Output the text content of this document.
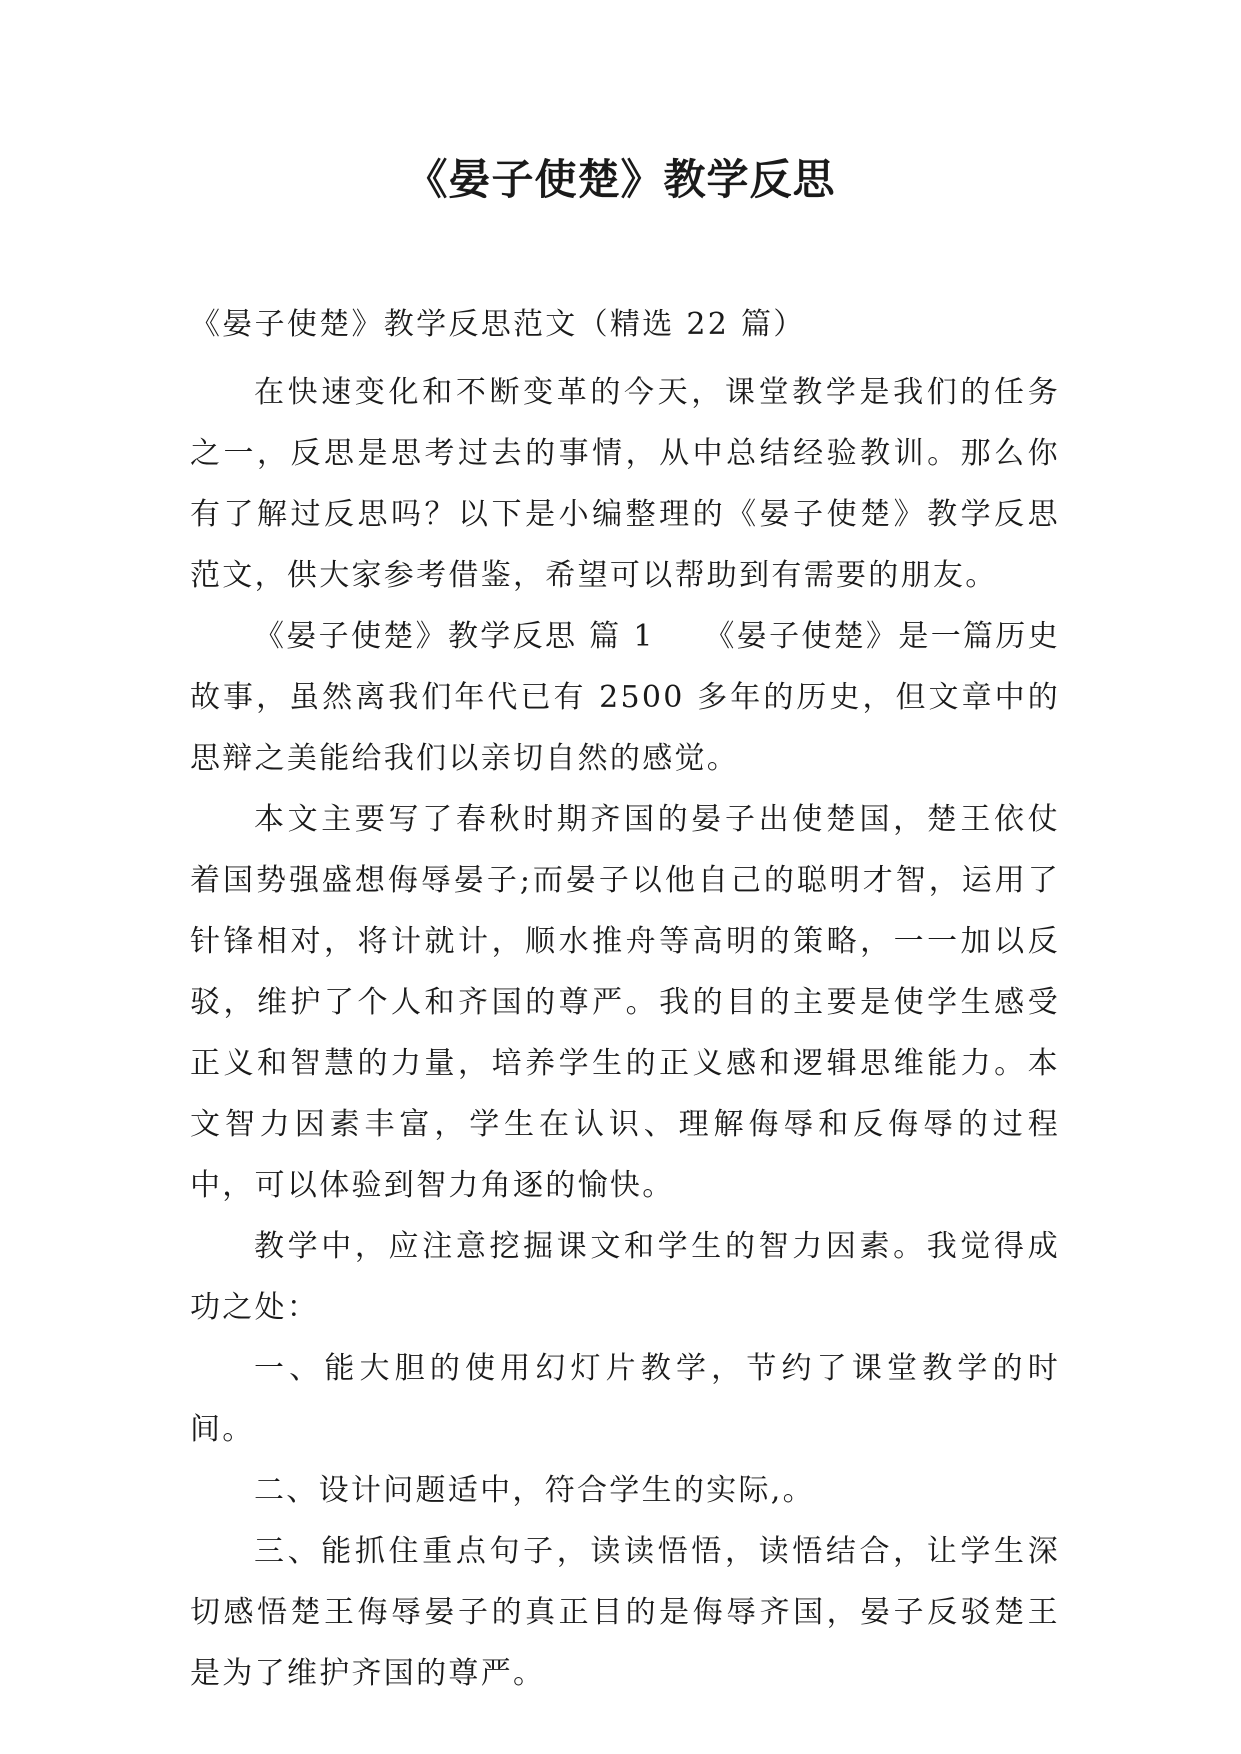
《晏子使楚》教学反思

《晏子使楚》教学反思范文（精选 22 篇）

在快速变化和不断变革的今天，课堂教学是我们的任务之一，反思是思考过去的事情，从中总结经验教训。那么你有了解过反思吗？以下是小编整理的《晏子使楚》教学反思范文，供大家参考借鉴，希望可以帮助到有需要的朋友。

《晏子使楚》教学反思 篇 1　　《晏子使楚》是一篇历史故事，虽然离我们年代已有 2500 多年的历史，但文章中的思辩之美能给我们以亲切自然的感觉。

本文主要写了春秋时期齐国的晏子出使楚国，楚王依仗着国势强盛想侮辱晏子;而晏子以他自己的聪明才智，运用了针锋相对，将计就计，顺水推舟等高明的策略，一一加以反驳，维护了个人和齐国的尊严。我的目的主要是使学生感受正义和智慧的力量，培养学生的正义感和逻辑思维能力。本文智力因素丰富，学生在认识、理解侮辱和反侮辱的过程中，可以体验到智力角逐的愉快。

教学中，应注意挖掘课文和学生的智力因素。我觉得成功之处：

一、能大胆的使用幻灯片教学，节约了课堂教学的时间。

二、设计问题适中，符合学生的实际,。

三、能抓住重点句子，读读悟悟，读悟结合，让学生深切感悟楚王侮辱晏子的真正目的是侮辱齐国，晏子反驳楚王是为了维护齐国的尊严。
